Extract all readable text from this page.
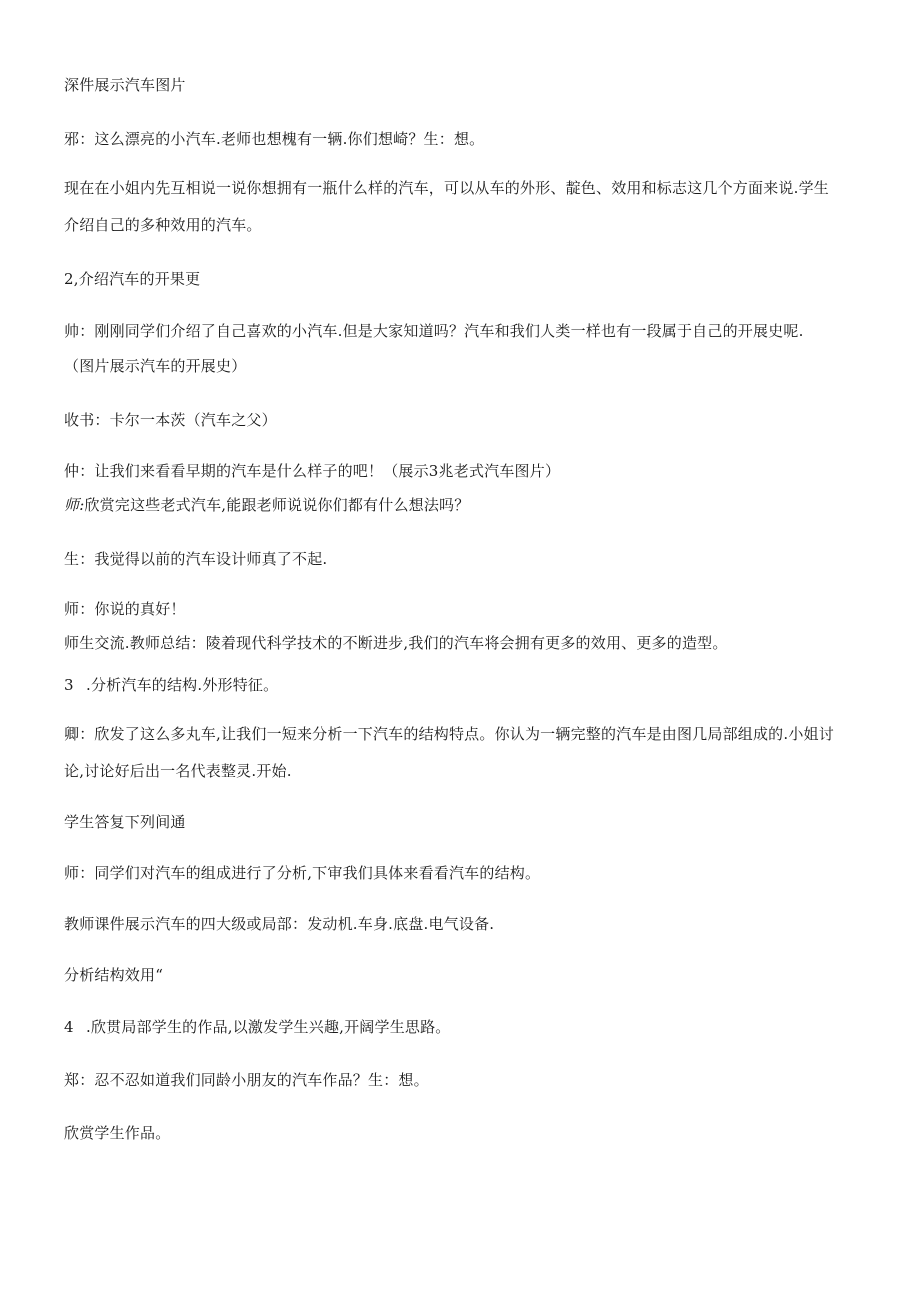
深件展示汽车图片
邪：这么漂亮的小汽车.老师也想槐有一辆.你们想崎？生：想。
现在在小姐内先互相说一说你想拥有一瓶什么样的汽车，可以从车的外形、靛色、效用和标志这几个方面来说.学生
介绍自己的多种效用的汽车。
2,介绍汽车的开果更
帅：刚刚同学们介绍了自己喜欢的小汽车.但是大家知道吗？汽车和我们人类一样也有一段属于自己的开展史呢.
（图片展示汽车的开展史）
收书：卡尔一本茨（汽车之父）
仲：让我们来看看早期的汽车是什么样子的吧！（展示3兆老式汽车图片）
师:欣赏完这些老式汽车,能跟老师说说你们都有什么想法吗？
生：我觉得以前的汽车设计师真了不起.
师：你说的真好！
师生交流.教师总结：陵着现代科学技术的不断进步,我们的汽车将会拥有更多的效用、更多的造型。
3 .分析汽车的结构.外形特征。
卿：欣发了这么多丸车,让我们一短来分析一下汽车的结构特点。你认为一辆完整的汽车是由图几局部组成的.小姐讨
论,讨论好后出一名代表整灵.开始.
学生答复下列间通
师：同学们对汽车的组成进行了分析,下审我们具体来看看汽车的结构。
教师课件展示汽车的四大级或局部：发动机.车身.底盘.电气设备.
分析结构效用“
4 .欣贯局部学生的作品,以激发学生兴趣,开阔学生思路。
郑：忍不忍如道我们同龄小朋友的汽车作品？生：想。
欣赏学生作品。
